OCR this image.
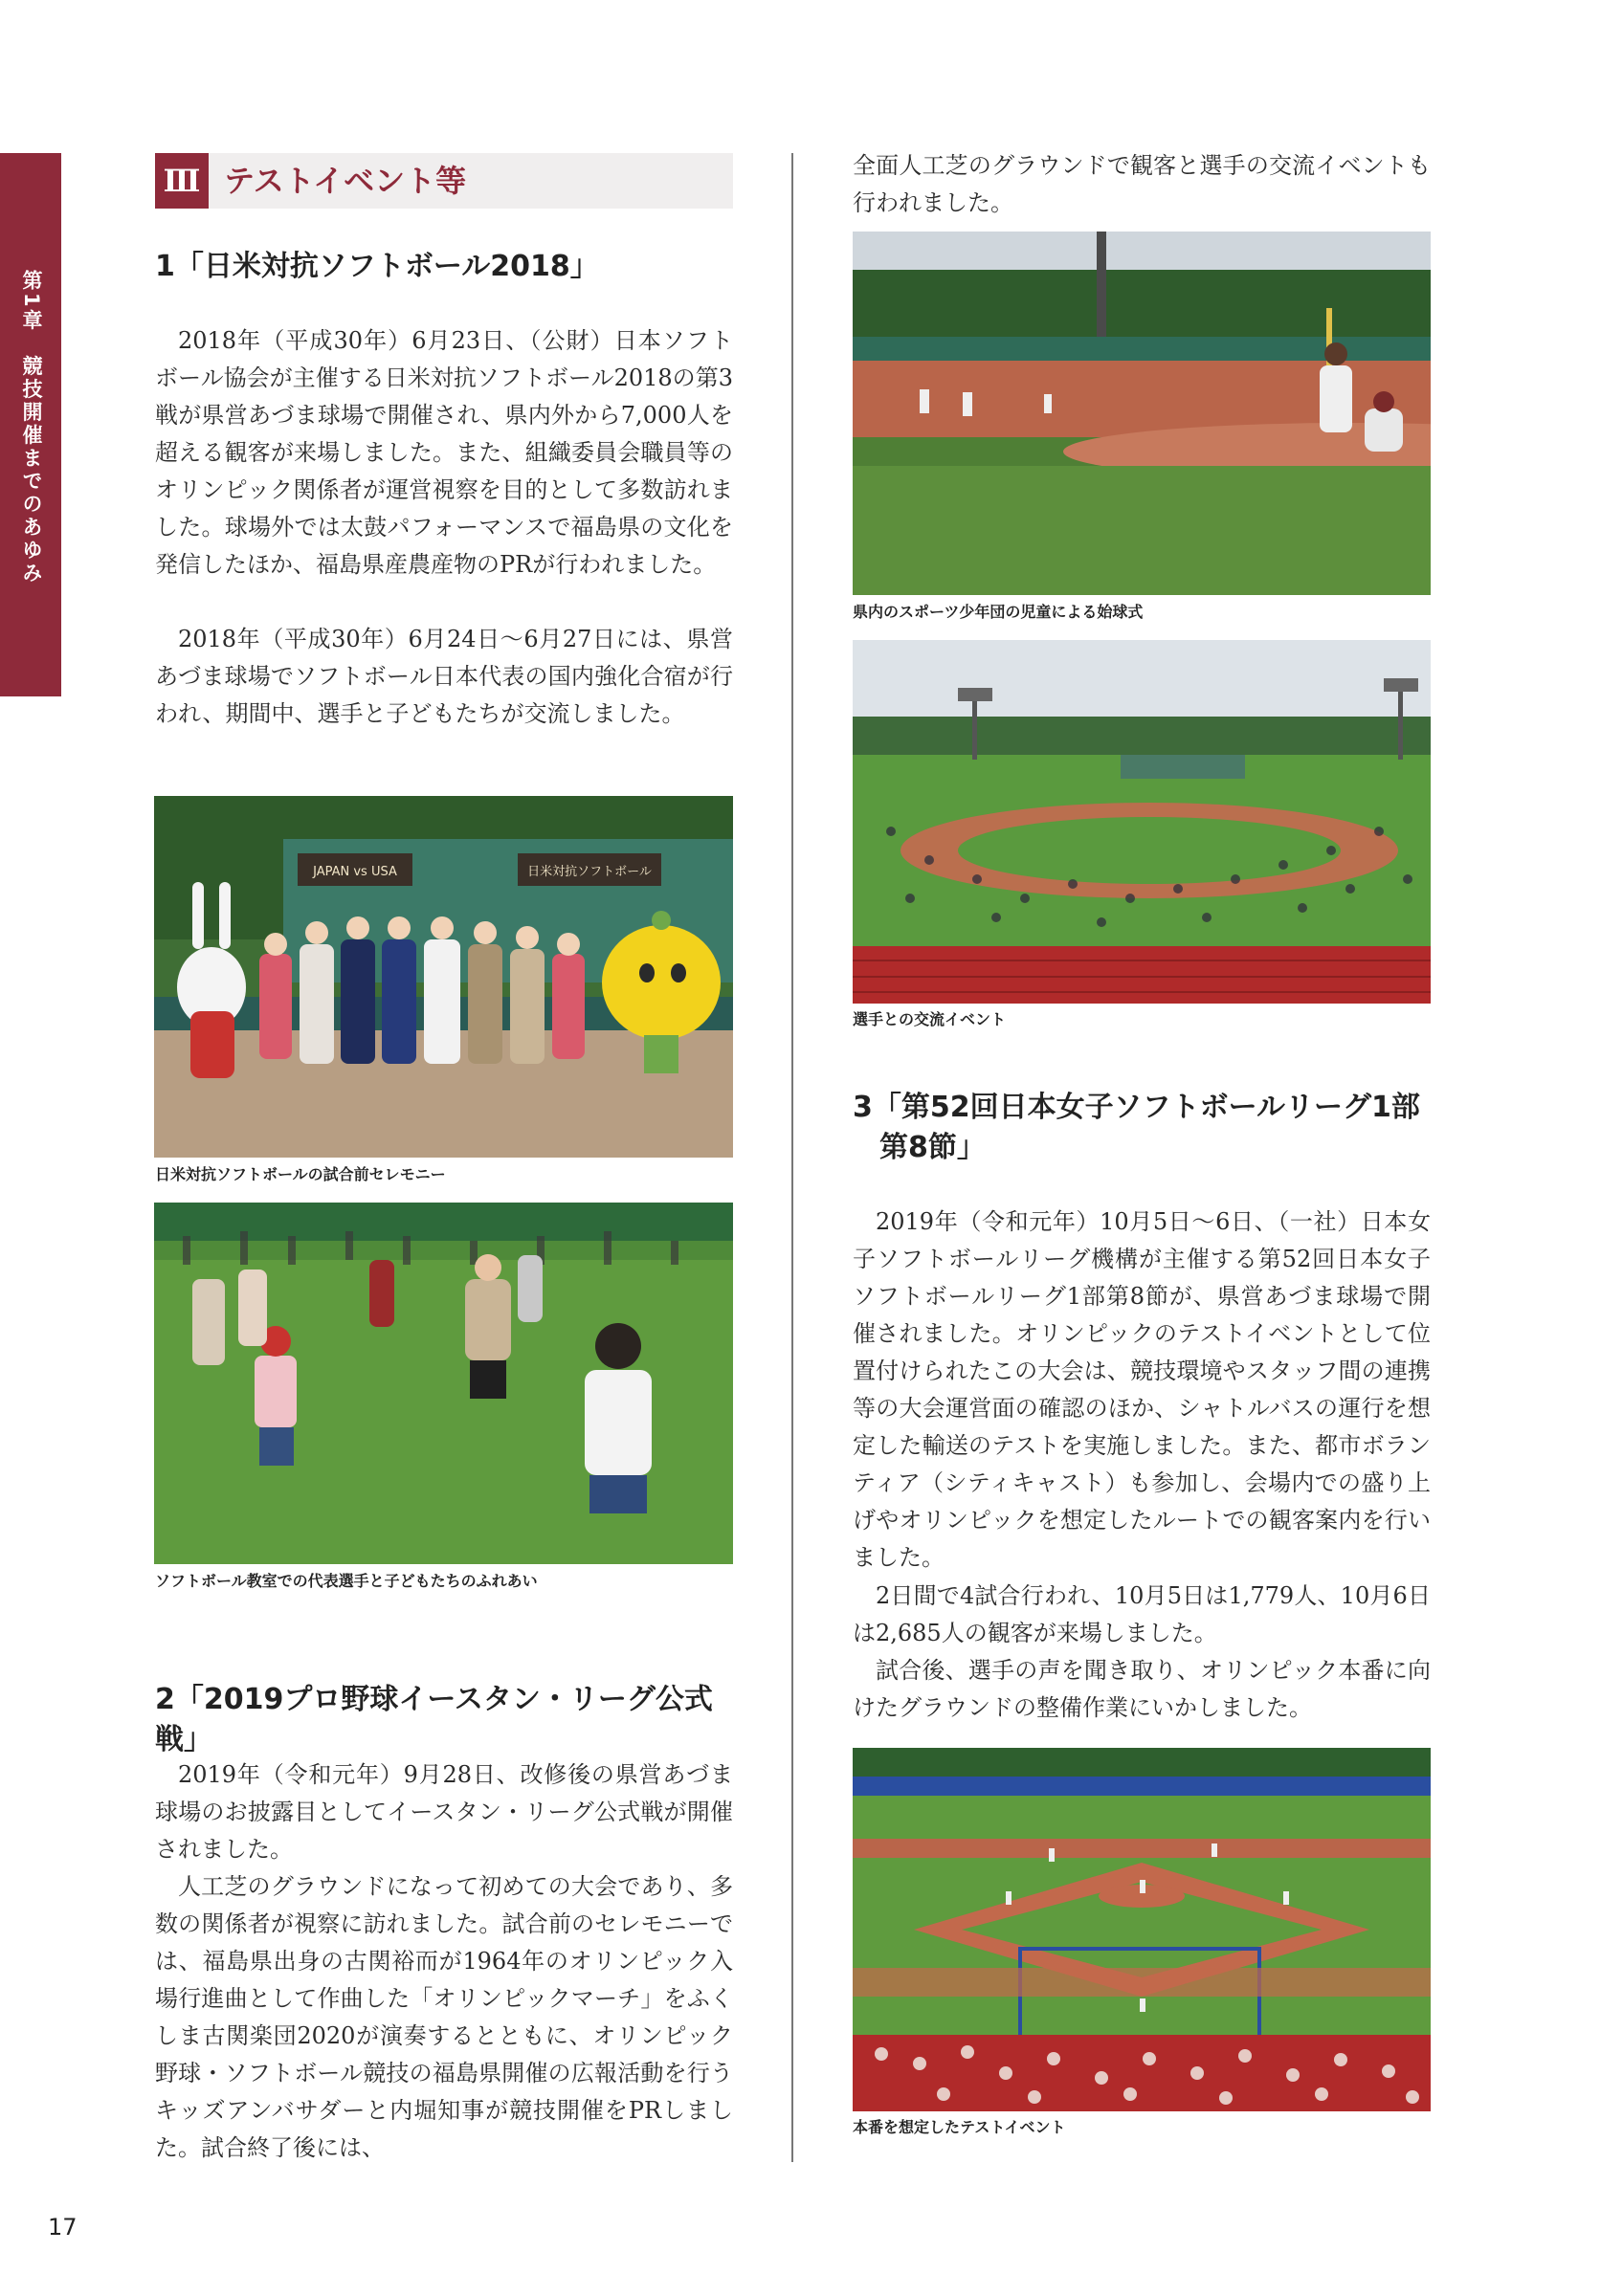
第1章　競技開催までのあゆみ
Ⅲ テストイベント等
1「日米対抗ソフトボール2018」

2018年（平成30年）6月23日、（公財）日本ソフトボール協会が主催する日米対抗ソフトボール2018の第3戦が県営あづま球場で開催され、県内外から7,000人を超える観客が来場しました。また、組織委員会職員等のオリンピック関係者が運営視察を目的として多数訪れました。球場外では太鼓パフォーマンスで福島県の文化を発信したほか、福島県産農産物のPRが行われました。

2018年（平成30年）6月24日～6月27日には、県営あづま球場でソフトボール日本代表の国内強化合宿が行われ、期間中、選手と子どもたちが交流しました。

JAPAN vs USA	日米対抗ソフトボール
日米対抗ソフトボールの試合前セレモニー
ソフトボール教室での代表選手と子どもたちのふれあい
2「2019プロ野球イースタン・リーグ公式戦」

2019年（令和元年）9月28日、改修後の県営あづま球場のお披露目としてイースタン・リーグ公式戦が開催されました。

人工芝のグラウンドになって初めての大会であり、多数の関係者が視察に訪れました。試合前のセレモニーでは、福島県出身の古関裕而が1964年のオリンピック入場行進曲として作曲した「オリンピックマーチ」をふくしま古関楽団2020が演奏するとともに、オリンピック野球・ソフトボール競技の福島県開催の広報活動を行うキッズアンバサダーと内堀知事が競技開催をPRしました。試合終了後には、

全面人工芝のグラウンドで観客と選手の交流イベントも行われました。

県内のスポーツ少年団の児童による始球式
選手との交流イベント
3「第52回日本女子ソフトボールリーグ1部
第8節」

2019年（令和元年）10月5日～6日、（一社）日本女子ソフトボールリーグ機構が主催する第52回日本女子ソフトボールリーグ1部第8節が、県営あづま球場で開催されました。オリンピックのテストイベントとして位置付けられたこの大会は、競技環境やスタッフ間の連携等の大会運営面の確認のほか、シャトルバスの運行を想定した輸送のテストを実施しました。また、都市ボランティア（シティキャスト）も参加し、会場内での盛り上げやオリンピックを想定したルートでの観客案内を行いました。

2日間で4試合行われ、10月5日は1,779人、10月6日は2,685人の観客が来場しました。

試合後、選手の声を聞き取り、オリンピック本番に向けたグラウンドの整備作業にいかしました。

本番を想定したテストイベント
17
